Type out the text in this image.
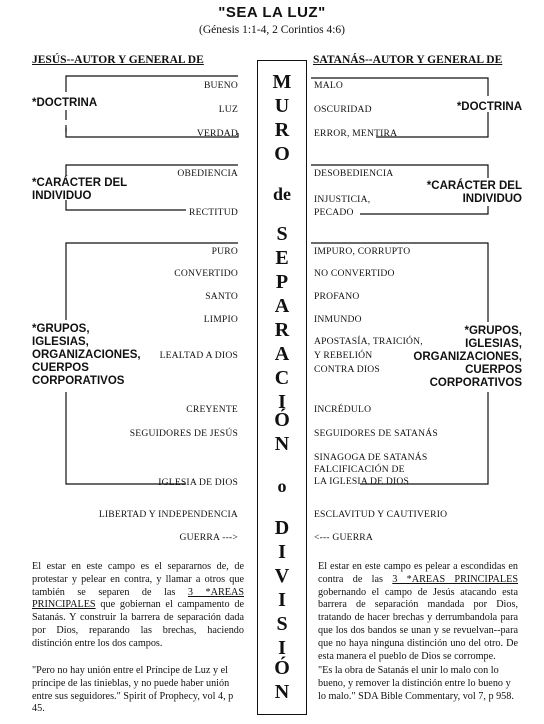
"SEA LA LUZ"
(Génesis 1:1-4, 2 Corintios 4:6)
JESÚS--AUTOR Y GENERAL DE	SATANÁS--AUTOR Y GENERAL DE
*DOCTRINA
*CARÁCTER DEL
INDIVIDUO
*GRUPOS,
IGLESIAS,
ORGANIZACIONES,
CUERPOS
CORPORATIVOS
BUENO
LUZ
VERDAD
OBEDIENCIA
RECTITUD
PURO
CONVERTIDO
SANTO
LIMPIO
LEALTAD A DIOS
CREYENTE
SEGUIDORES DE JESÚS
IGLESIA DE DIOS
LIBERTAD Y INDEPENDENCIA
GUERRA --->
M
U
R
O
de
S
E
P
A
R
A
C
I
Ó
N
o
D
I
V
I
S
I
Ó
N
MALO
OSCURIDAD
ERROR, MENTIRA
DESOBEDIENCIA
INJUSTICIA,
PECADO
IMPURO, CORRUPTO
NO CONVERTIDO
PROFANO
INMUNDO
APOSTASÍA, TRAICIÓN,
Y REBELIÓN
CONTRA DIOS
INCRÉDULO
SEGUIDORES DE SATANÁS
SINAGOGA DE SATANÁS
FALCIFICACIÓN DE
LA IGLESIA DE DIOS
ESCLAVITUD Y CAUTIVERIO
<--- GUERRA
*DOCTRINA
*CARÁCTER DEL
INDIVIDUO
*GRUPOS,
IGLESIAS,
ORGANIZACIONES,
CUERPOS
CORPORATIVOS
El estar en este campo es el separarnos de, de protestar y pelear en contra, y llamar a otros que también se separen de las 3 *AREAS PRINCIPALES que gobiernan el campamento de Satanás. Y construir la barrera de separación dada por Dios, reparando las brechas, haciendo distinción entre los dos campos.
"Pero no hay unión entre el Príncipe de Luz y el príncipe de las tinieblas, y no puede haber unión entre sus seguidores." Spirit of Prophecy, vol 4, p 45.
El estar en este campo es pelear a escondidas en contra de las 3 *AREAS PRINCIPALES gobernando el campo de Jesús atacando esta barrera de separación mandada por Dios, tratando de hacer brechas y derrumbandola para que los dos bandos se unan y se revuelvan--para que no haya ninguna distinción uno del otro. De esta manera el pueblo de Dios se corrompe.
"Es la obra de Satanás el unir lo malo con lo bueno, y remover la distinción entre lo bueno y lo malo." SDA Bible Commentary, vol 7, p 958.
